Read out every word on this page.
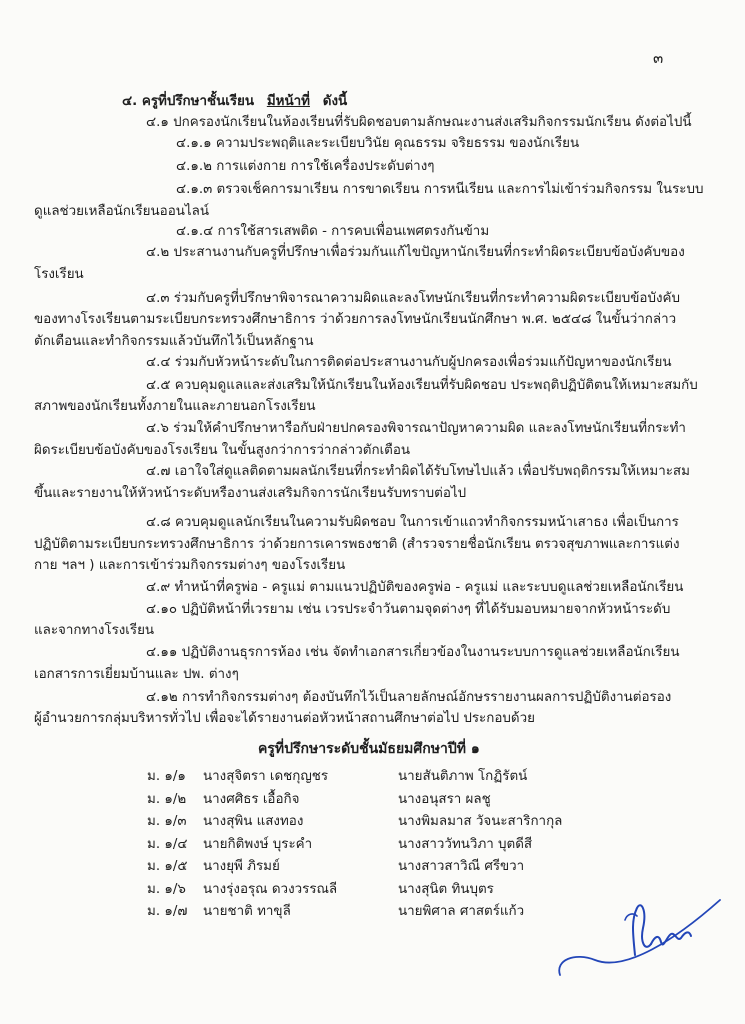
๓
๔. ครูที่ปรึกษาชั้นเรียน มีหน้าที่ ดังนี้
๔.๑ ปกครองนักเรียนในห้องเรียนที่รับผิดชอบตามลักษณะงานส่งเสริมกิจกรรมนักเรียน ดังต่อไปนี้
๔.๑.๑ ความประพฤติและระเบียบวินัย คุณธรรม จริยธรรม ของนักเรียน
๔.๑.๒ การแต่งกาย การใช้เครื่องประดับต่างๆ
๔.๑.๓ ตรวจเช็คการมาเรียน การขาดเรียน การหนีเรียน และการไม่เข้าร่วมกิจกรรม ในระบบ
ดูแลช่วยเหลือนักเรียนออนไลน์
๔.๑.๔ การใช้สารเสพติด - การคบเพื่อนเพศตรงกันข้าม
๔.๒ ประสานงานกับครูที่ปรึกษาเพื่อร่วมกันแก้ไขปัญหานักเรียนที่กระทำผิดระเบียบข้อบังคับของ
โรงเรียน
๔.๓ ร่วมกับครูที่ปรึกษาพิจารณาความผิดและลงโทษนักเรียนที่กระทำความผิดระเบียบข้อบังคับ
ของทางโรงเรียนตามระเบียบกระทรวงศึกษาธิการ ว่าด้วยการลงโทษนักเรียนนักศึกษา พ.ศ. ๒๕๔๘ ในขั้นว่ากล่าว
ตักเตือนและทำกิจกรรมแล้วบันทึกไว้เป็นหลักฐาน
๔.๔ ร่วมกับหัวหน้าระดับในการติดต่อประสานงานกับผู้ปกครองเพื่อร่วมแก้ปัญหาของนักเรียน
๔.๕ ควบคุมดูแลและส่งเสริมให้นักเรียนในห้องเรียนที่รับผิดชอบ ประพฤติปฏิบัติตนให้เหมาะสมกับ
สภาพของนักเรียนทั้งภายในและภายนอกโรงเรียน
๔.๖ ร่วมให้คำปรึกษาหารือกับฝ่ายปกครองพิจารณาปัญหาความผิด และลงโทษนักเรียนที่กระทำ
ผิดระเบียบข้อบังคับของโรงเรียน ในขั้นสูงกว่าการว่ากล่าวตักเตือน
๔.๗ เอาใจใส่ดูแลติดตามผลนักเรียนที่กระทำผิดได้รับโทษไปแล้ว เพื่อปรับพฤติกรรมให้เหมาะสม
ขึ้นและรายงานให้หัวหน้าระดับหรืองานส่งเสริมกิจการนักเรียนรับทราบต่อไป
๔.๘ ควบคุมดูแลนักเรียนในความรับผิดชอบ ในการเข้าแถวทำกิจกรรมหน้าเสาธง เพื่อเป็นการ
ปฏิบัติตามระเบียบกระทรวงศึกษาธิการ ว่าด้วยการเคารพธงชาติ (สำรวจรายชื่อนักเรียน ตรวจสุขภาพและการแต่ง
กาย ฯลฯ ) และการเข้าร่วมกิจกรรมต่างๆ ของโรงเรียน
๔.๙ ทำหน้าที่ครูพ่อ - ครูแม่ ตามแนวปฏิบัติของครูพ่อ - ครูแม่ และระบบดูแลช่วยเหลือนักเรียน
๔.๑๐ ปฏิบัติหน้าที่เวรยาม เช่น เวรประจำวันตามจุดต่างๆ ที่ได้รับมอบหมายจากหัวหน้าระดับ
และจากทางโรงเรียน
๔.๑๑ ปฏิบัติงานธุรการห้อง เช่น จัดทำเอกสารเกี่ยวข้องในงานระบบการดูแลช่วยเหลือนักเรียน
เอกสารการเยี่ยมบ้านและ ปพ. ต่างๆ
๔.๑๒ การทำกิจกรรมต่างๆ ต้องบันทึกไว้เป็นลายลักษณ์อักษรรายงานผลการปฏิบัติงานต่อรอง
ผู้อำนวยการกลุ่มบริหารทั่วไป เพื่อจะได้รายงานต่อหัวหน้าสถานศึกษาต่อไป ประกอบด้วย
ครูที่ปรึกษาระดับชั้นมัธยมศึกษาปีที่ ๑
ม. ๑/๑ นางสุจิตรา เดชกุญชร	นายสันติภาพ โกฏิรัตน์
ม. ๑/๒ นางศศิธร เอื้อกิจ	นางอนุสรา ผลชู
ม. ๑/๓ นางสุพิน แสงทอง	นางพิมลมาส วัจนะสาริกากุล
ม. ๑/๔ นายกิติพงษ์ บุระคำ	นางสาววัทนวิภา บุตดีสี
ม. ๑/๕ นางยุพี ภิรมย์	นางสาวสาวิณี ศรีขวา
ม. ๑/๖ นางรุ่งอรุณ ดวงวรรณลี	นางสุนิต ทินบุตร
ม. ๑/๗ นายชาติ ทาขุลี	นายพิศาล ศาสตร์แก้ว
